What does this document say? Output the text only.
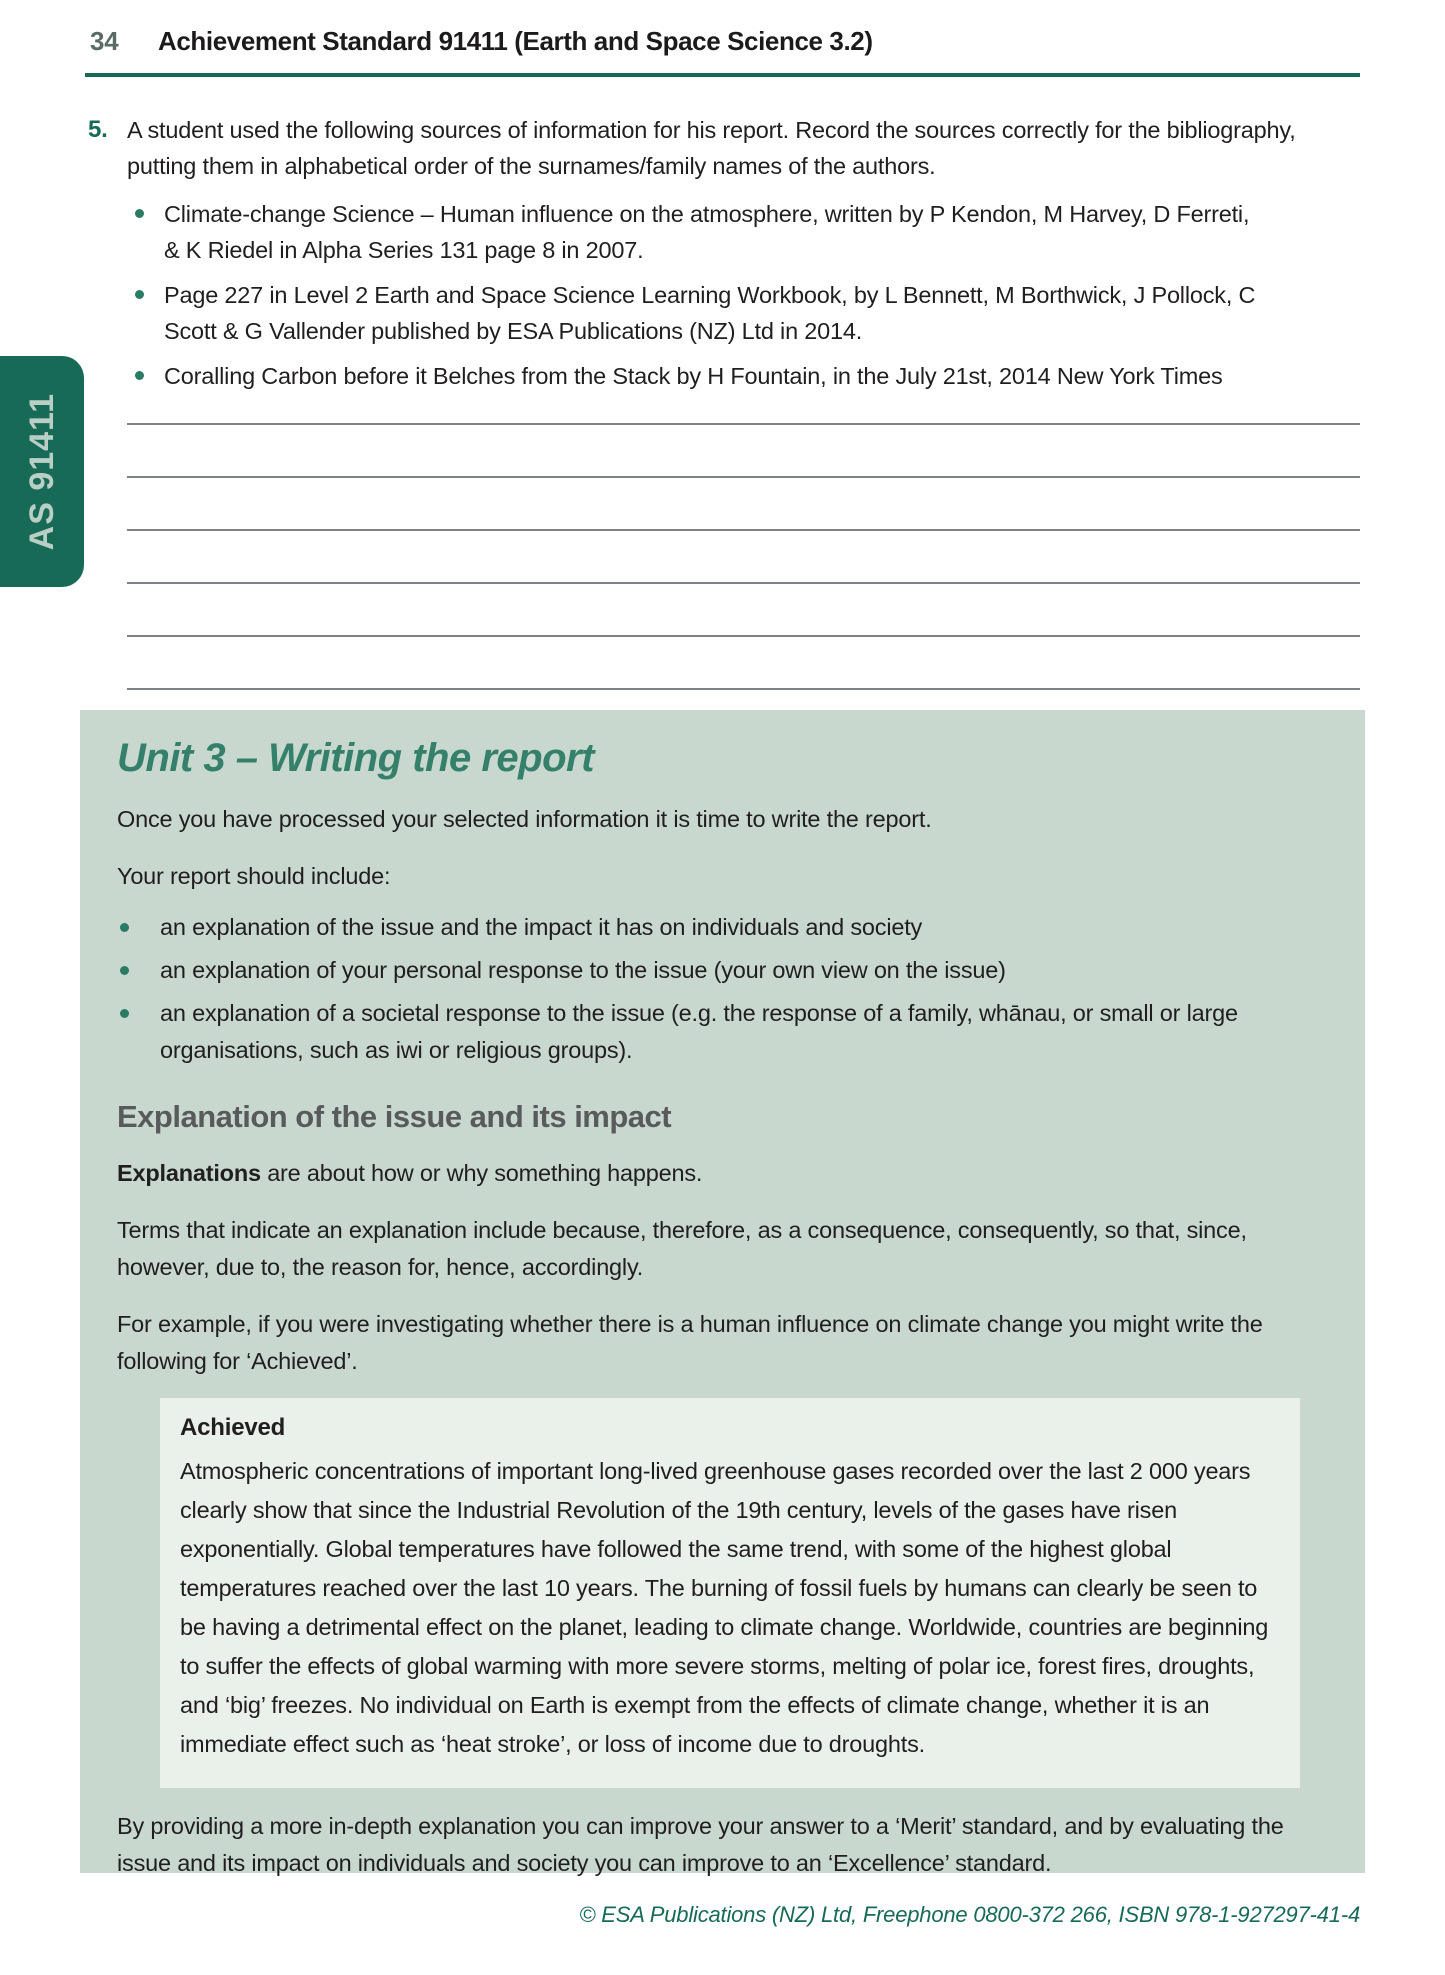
34	Achievement Standard 91411 (Earth and Space Science 3.2)
5. A student used the following sources of information for his report. Record the sources correctly for the bibliography, putting them in alphabetical order of the surnames/family names of the authors.

Climate-change Science – Human influence on the atmosphere, written by P Kendon, M Harvey, D Ferreti, & K Riedel in Alpha Series 131 page 8 in 2007.
Page 227 in Level 2 Earth and Space Science Learning Workbook, by L Bennett, M Borthwick, J Pollock, C Scott & G Vallender published by ESA Publications (NZ) Ltd in 2014.
Coralling Carbon before it Belches from the Stack by H Fountain, in the July 21st, 2014 New York Times
AS 91411
Unit 3 – Writing the report

Once you have processed your selected information it is time to write the report.

Your report should include:

an explanation of the issue and the impact it has on individuals and society
an explanation of your personal response to the issue (your own view on the issue)
an explanation of a societal response to the issue (e.g. the response of a family, whānau, or small or large organisations, such as iwi or religious groups).
Explanation of the issue and its impact

Explanations are about how or why something happens.

Terms that indicate an explanation include because, therefore, as a consequence, consequently, so that, since, however, due to, the reason for, hence, accordingly.

For example, if you were investigating whether there is a human influence on climate change you might write the following for ‘Achieved’.

Achieved

Atmospheric concentrations of important long-lived greenhouse gases recorded over the last 2 000 years clearly show that since the Industrial Revolution of the 19th century, levels of the gases have risen exponentially. Global temperatures have followed the same trend, with some of the highest global temperatures reached over the last 10 years. The burning of fossil fuels by humans can clearly be seen to be having a detrimental effect on the planet, leading to climate change. Worldwide, countries are beginning to suffer the effects of global warming with more severe storms, melting of polar ice, forest fires, droughts, and ‘big’ freezes. No individual on Earth is exempt from the effects of climate change, whether it is an immediate effect such as ‘heat stroke’, or loss of income due to droughts.

By providing a more in-depth explanation you can improve your answer to a ‘Merit’ standard, and by evaluating the issue and its impact on individuals and society you can improve to an ‘Excellence’ standard.

© ESA Publications (NZ) Ltd, Freephone 0800-372 266, ISBN 978-1-927297-41-4
